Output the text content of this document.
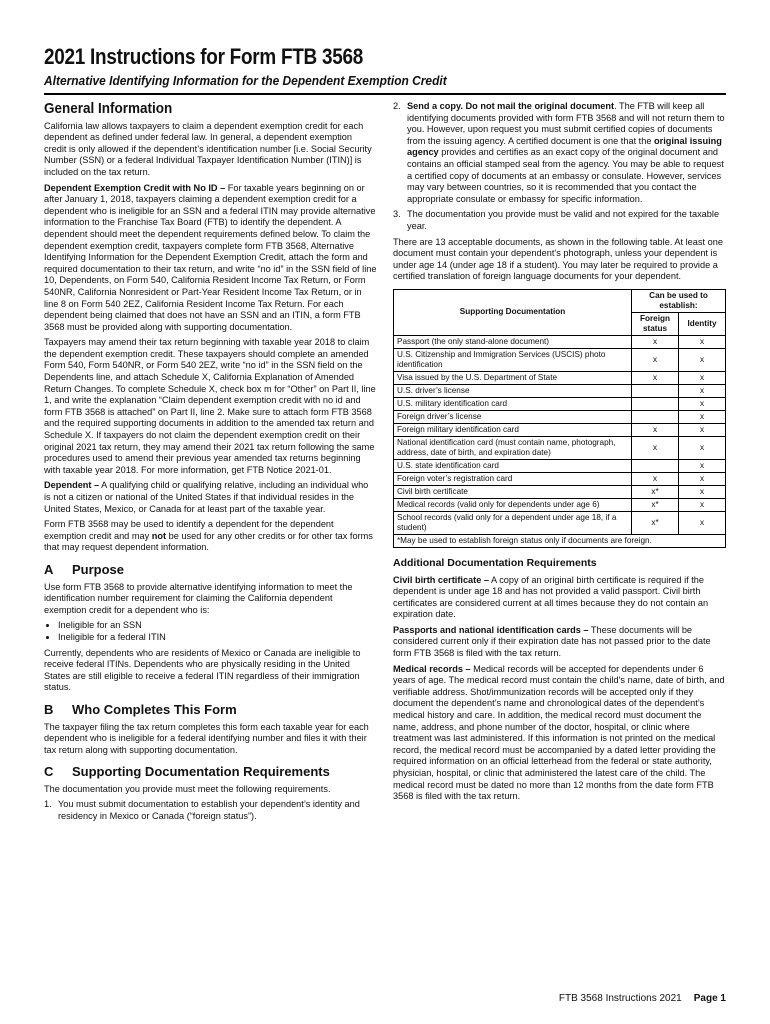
2021 Instructions for Form FTB 3568
Alternative Identifying Information for the Dependent Exemption Credit
General Information

California law allows taxpayers to claim a dependent exemption credit for each dependent as defined under federal law. In general, a dependent exemption credit is only allowed if the dependent’s identification number [i.e. Social Security Number (SSN) or a federal Individual Taxpayer Identification Number (ITIN)] is included on the tax return.

Dependent Exemption Credit with No ID – For taxable years beginning on or after January 1, 2018, taxpayers claiming a dependent exemption credit for a dependent who is ineligible for an SSN and a federal ITIN may provide alternative information to the Franchise Tax Board (FTB) to identify the dependent. A dependent should meet the dependent requirements defined below. To claim the dependent exemption credit, taxpayers complete form FTB 3568, Alternative Identifying Information for the Dependent Exemption Credit, attach the form and required documentation to their tax return, and write “no id” in the SSN field of line 10, Dependents, on Form 540, California Resident Income Tax Return, or Form 540NR, California Nonresident or Part-Year Resident Income Tax Return, or in line 8 on Form 540 2EZ, California Resident Income Tax Return. For each dependent being claimed that does not have an SSN and an ITIN, a form FTB 3568 must be provided along with supporting documentation.

Taxpayers may amend their tax return beginning with taxable year 2018 to claim the dependent exemption credit. These taxpayers should complete an amended Form 540, Form 540NR, or Form 540 2EZ, write “no id” in the SSN field on the Dependents line, and attach Schedule X, California Explanation of Amended Return Changes. To complete Schedule X, check box m for “Other” on Part II, line 1, and write the explanation “Claim dependent exemption credit with no id and form FTB 3568 is attached” on Part II, line 2. Make sure to attach form FTB 3568 and the required supporting documents in addition to the amended tax return and Schedule X. If taxpayers do not claim the dependent exemption credit on their original 2021 tax return, they may amend their 2021 tax return following the same procedures used to amend their previous year amended tax returns beginning with taxable year 2018. For more information, get FTB Notice 2021-01.

Dependent – A qualifying child or qualifying relative, including an individual who is not a citizen or national of the United States if that individual resides in the United States, Mexico, or Canada for at least part of the taxable year.

Form FTB 3568 may be used to identify a dependent for the dependent exemption credit and may not be used for any other credits or for other tax forms that may request dependent information.

A Purpose

Use form FTB 3568 to provide alternative identifying information to meet the identification number requirement for claiming the California dependent exemption credit for a dependent who is:

• Ineligible for an SSN
• Ineligible for a federal ITIN

Currently, dependents who are residents of Mexico or Canada are ineligible to receive federal ITINs. Dependents who are physically residing in the United States are still eligible to receive a federal ITIN regardless of their immigration status.

B Who Completes This Form

The taxpayer filing the tax return completes this form each taxable year for each dependent who is ineligible for a federal identifying number and files it with their tax return along with supporting documentation.

C Supporting Documentation Requirements

The documentation you provide must meet the following requirements.

1. You must submit documentation to establish your dependent’s identity and residency in Mexico or Canada (“foreign status”).
2. Send a copy. Do not mail the original document. The FTB will keep all identifying documents provided with form FTB 3568 and will not return them to you. However, upon request you must submit certified copies of documents from the issuing agency. A certified document is one that the original issuing agency provides and certifies as an exact copy of the original document and contains an official stamped seal from the agency. You may be able to request a certified copy of documents at an embassy or consulate. However, services may vary between countries, so it is recommended that you contact the appropriate consulate or embassy for specific information.
3. The documentation you provide must be valid and not expired for the taxable year.

There are 13 acceptable documents, as shown in the following table. At least one document must contain your dependent’s photograph, unless your dependent is under age 14 (under age 18 if a student). You may later be required to provide a certified translation of foreign language documents for your dependent.

Supporting Documentation	Can be used to establish:	
	Foreign status	Identity
Passport (the only stand-alone document)	x	x
U.S. Citizenship and Immigration Services (USCIS) photo identification	x	x
Visa issued by the U.S. Department of State	x	x
U.S. driver’s license		x
U.S. military identification card		x
Foreign driver’s license		x
Foreign military identification card	x	x
National identification card (must contain name, photograph, address, date of birth, and expiration date)	x	x
U.S. state identification card		x
Foreign voter’s registration card	x	x
Civil birth certificate	x*	x
Medical records (valid only for dependents under age 6)	x*	x
School records (valid only for a dependent under age 18, if a student)	x*	x
*May be used to establish foreign status only if documents are foreign.		
Additional Documentation Requirements

Civil birth certificate – A copy of an original birth certificate is required if the dependent is under age 18 and has not provided a valid passport. Civil birth certificates are considered current at all times because they do not contain an expiration date.

Passports and national identification cards – These documents will be considered current only if their expiration date has not passed prior to the date form FTB 3568 is filed with the tax return.

Medical records – Medical records will be accepted for dependents under 6 years of age. The medical record must contain the child’s name, date of birth, and verifiable address. Shot/immunization records will be accepted only if they document the dependent’s name and chronological dates of the dependent’s medical history and care. In addition, the medical record must document the name, address, and phone number of the doctor, hospital, or clinic where treatment was last administered. If this information is not printed on the medical record, the medical record must be accompanied by a dated letter providing the required information on an official letterhead from the federal or state authority, physician, hospital, or clinic that administered the latest care of the child. The medical record must be dated no more than 12 months from the date form FTB 3568 is filed with the tax return.

FTB 3568 Instructions 2021 Page 1
